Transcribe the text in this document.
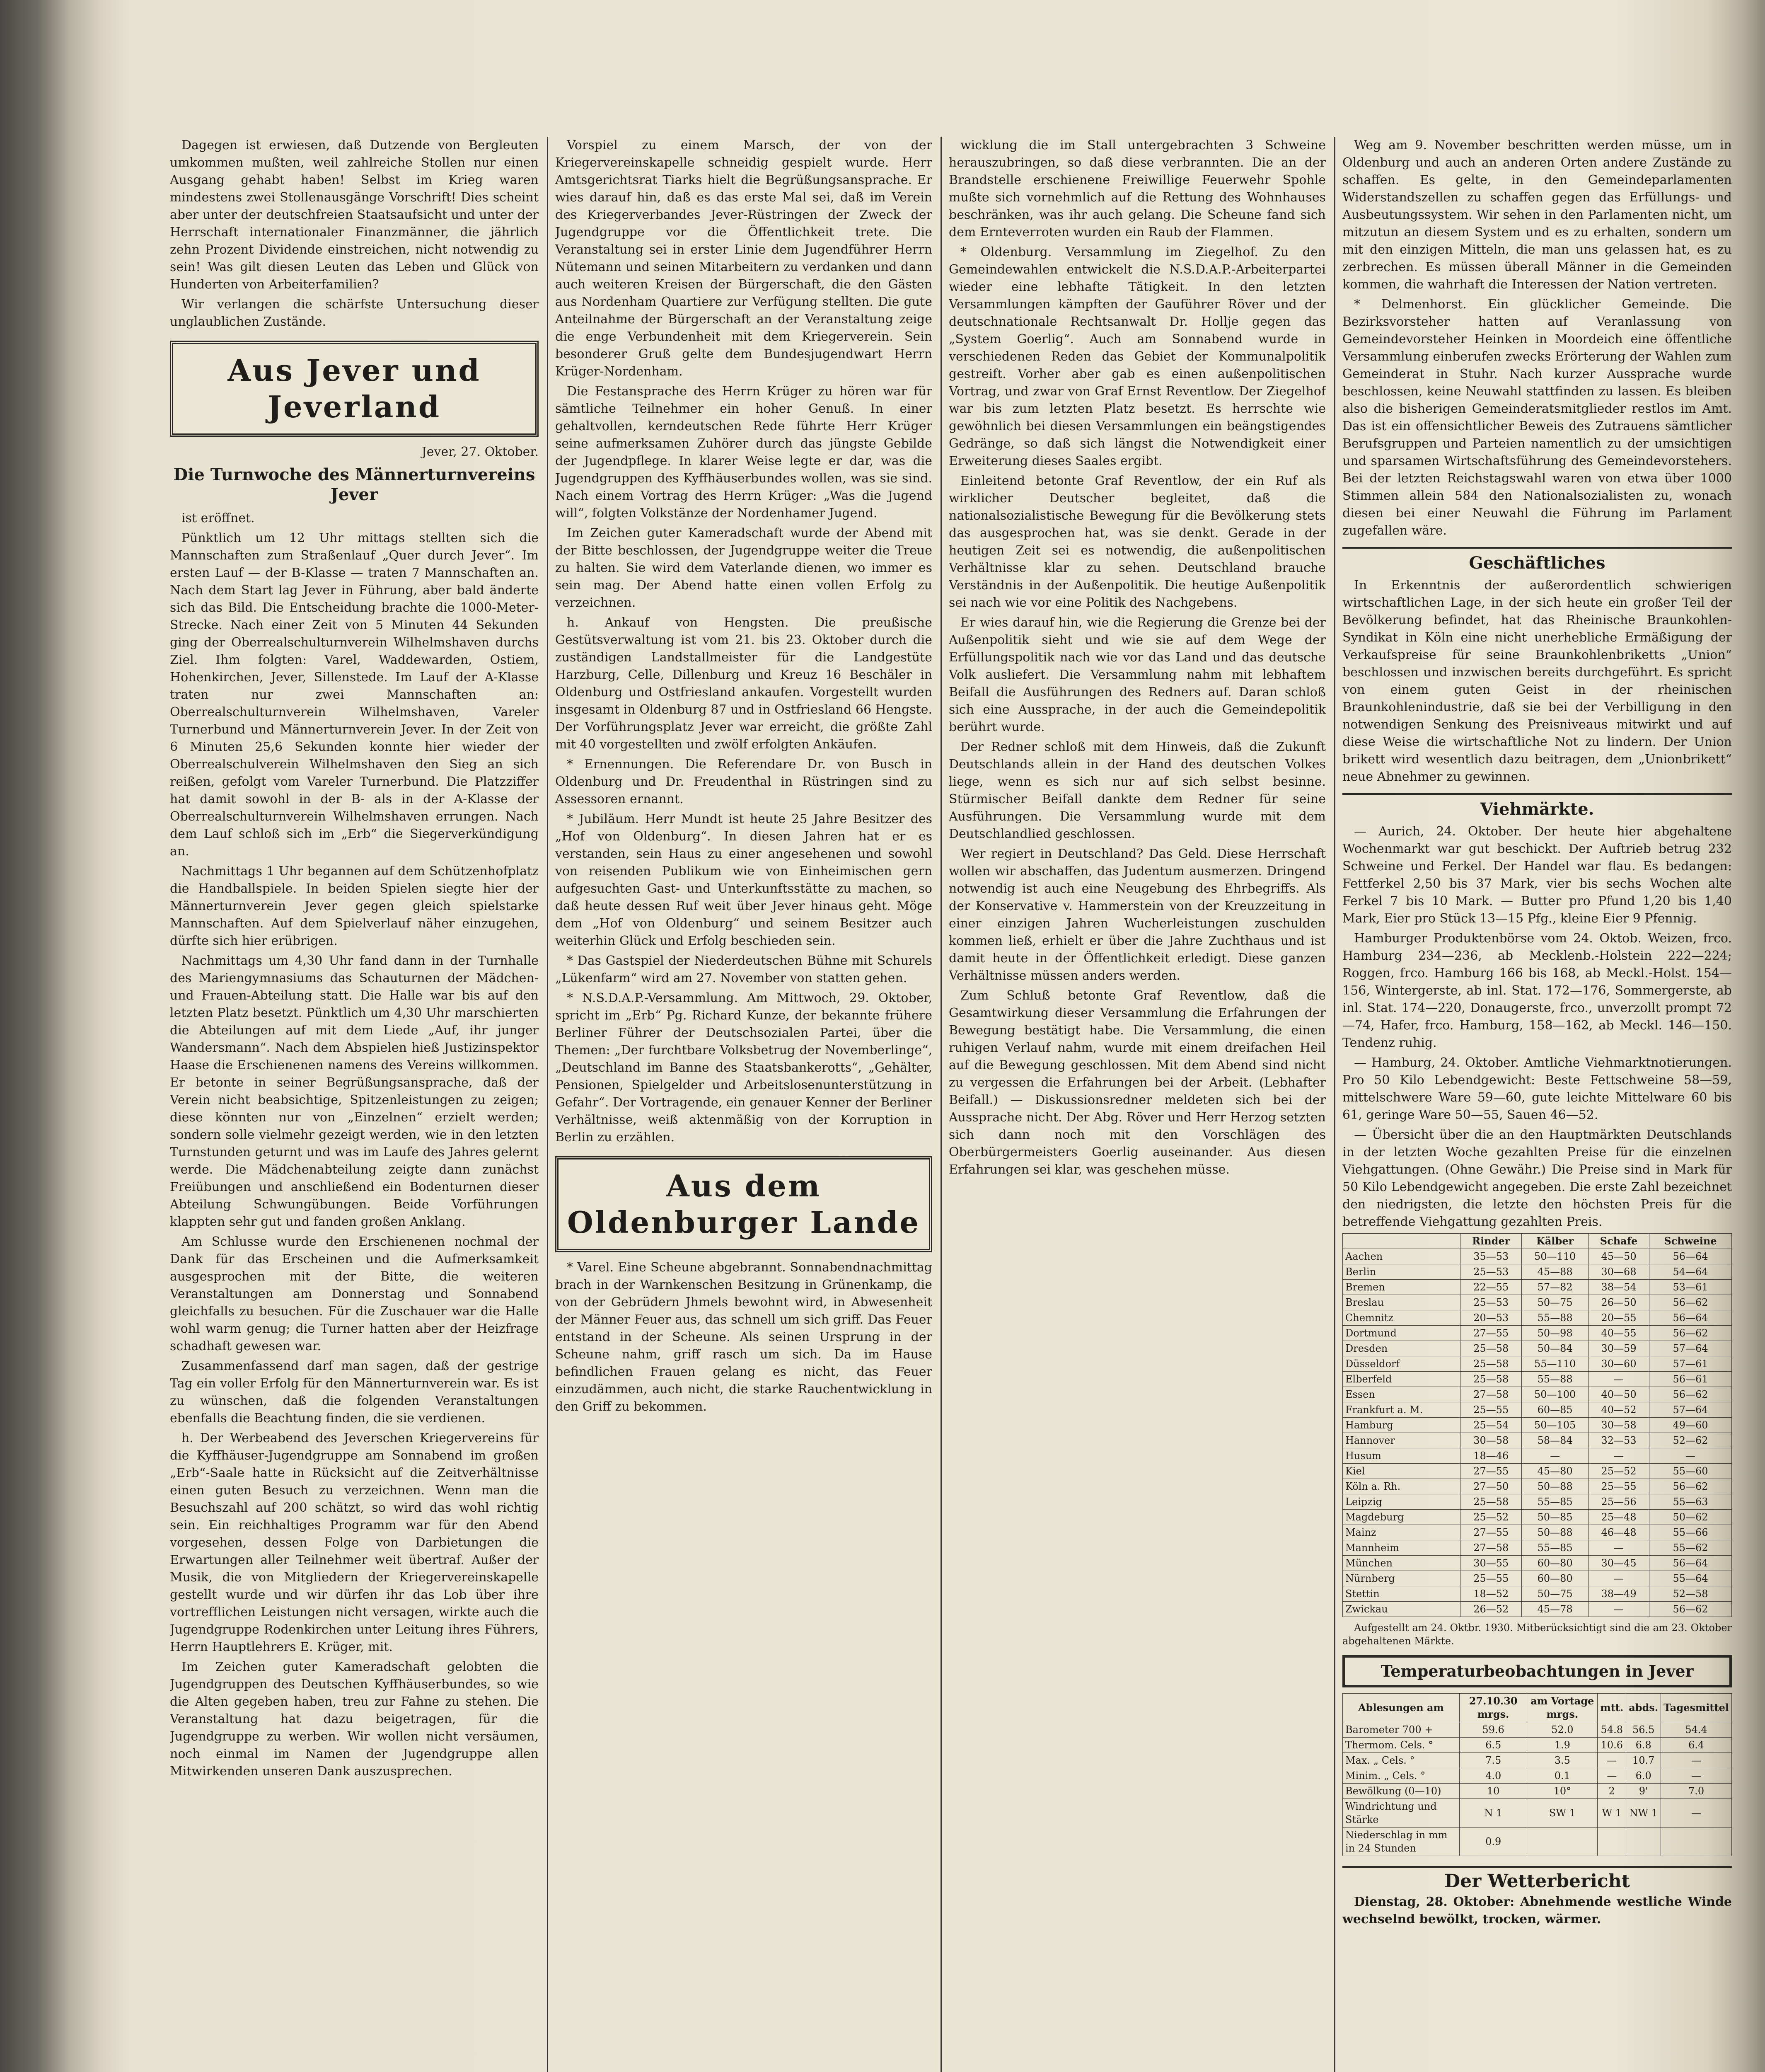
Dagegen ist erwiesen, daß Dutzende von Bergleuten umkommen mußten, weil zahlreiche Stollen nur einen Ausgang gehabt haben! Selbst im Krieg waren mindestens zwei Stollenausgänge Vorschrift! Dies scheint aber unter der deutschfreien Staatsaufsicht und unter der Herrschaft internationaler Finanzmänner, die jährlich zehn Prozent Dividende einstreichen, nicht notwendig zu sein! Was gilt diesen Leuten das Leben und Glück von Hunderten von Arbeiterfamilien?

Wir verlangen die schärfste Untersuchung dieser unglaublichen Zustände.

Aus Jever und Jeverland
Jever, 27. Oktober.
Die Turnwoche des Männerturnvereins Jever

ist eröffnet.

Pünktlich um 12 Uhr mittags stellten sich die Mannschaften zum Straßenlauf „Quer durch Jever“. Im ersten Lauf — der B-Klasse — traten 7 Mannschaften an. Nach dem Start lag Jever in Führung, aber bald änderte sich das Bild. Die Entscheidung brachte die 1000-Meter-Strecke. Nach einer Zeit von 5 Minuten 44 Sekunden ging der Oberrealschulturnverein Wilhelmshaven durchs Ziel. Ihm folgten: Varel, Waddewarden, Ostiem, Hohenkirchen, Jever, Sillenstede. Im Lauf der A-Klasse traten nur zwei Mannschaften an: Oberrealschulturnverein Wilhelmshaven, Vareler Turnerbund und Männerturnverein Jever. In der Zeit von 6 Minuten 25,6 Sekunden konnte hier wieder der Oberrealschulverein Wilhelmshaven den Sieg an sich reißen, gefolgt vom Vareler Turnerbund. Die Platzziffer hat damit sowohl in der B- als in der A-Klasse der Oberrealschulturnverein Wilhelmshaven errungen. Nach dem Lauf schloß sich im „Erb“ die Siegerverkündigung an.

Nachmittags 1 Uhr begannen auf dem Schützenhofplatz die Handballspiele. In beiden Spielen siegte hier der Männerturnverein Jever gegen gleich spielstarke Mannschaften. Auf dem Spielverlauf näher einzugehen, dürfte sich hier erübrigen.

Nachmittags um 4,30 Uhr fand dann in der Turnhalle des Mariengymnasiums das Schauturnen der Mädchen- und Frauen-Abteilung statt. Die Halle war bis auf den letzten Platz besetzt. Pünktlich um 4,30 Uhr marschierten die Abteilungen auf mit dem Liede „Auf, ihr junger Wandersmann“. Nach dem Abspielen hieß Justizinspektor Haase die Erschienenen namens des Vereins willkommen. Er betonte in seiner Begrüßungsansprache, daß der Verein nicht beabsichtige, Spitzenleistungen zu zeigen; diese könnten nur von „Einzelnen“ erzielt werden; sondern solle vielmehr gezeigt werden, wie in den letzten Turnstunden geturnt und was im Laufe des Jahres gelernt werde. Die Mädchenabteilung zeigte dann zunächst Freiübungen und anschließend ein Bodenturnen dieser Abteilung Schwungübungen. Beide Vorführungen klappten sehr gut und fanden großen Anklang.

Am Schlusse wurde den Erschienenen nochmal der Dank für das Erscheinen und die Aufmerksamkeit ausgesprochen mit der Bitte, die weiteren Veranstaltungen am Donnerstag und Sonnabend gleichfalls zu besuchen. Für die Zuschauer war die Halle wohl warm genug; die Turner hatten aber der Heizfrage schadhaft gewesen war.

Zusammenfassend darf man sagen, daß der gestrige Tag ein voller Erfolg für den Männerturnverein war. Es ist zu wünschen, daß die folgenden Veranstaltungen ebenfalls die Beachtung finden, die sie verdienen.

h. Der Werbeabend des Jeverschen Kriegervereins für die Kyffhäuser-Jugendgruppe am Sonnabend im großen „Erb“-Saale hatte in Rücksicht auf die Zeitverhältnisse einen guten Besuch zu verzeichnen. Wenn man die Besuchszahl auf 200 schätzt, so wird das wohl richtig sein. Ein reichhaltiges Programm war für den Abend vorgesehen, dessen Folge von Darbietungen die Erwartungen aller Teilnehmer weit übertraf. Außer der Musik, die von Mitgliedern der Kriegervereinskapelle gestellt wurde und wir dürfen ihr das Lob über ihre vortrefflichen Leistungen nicht versagen, wirkte auch die Jugendgruppe Rodenkirchen unter Leitung ihres Führers, Herrn Hauptlehrers E. Krüger, mit.

Im Zeichen guter Kameradschaft gelobten die Jugendgruppen des Deutschen Kyffhäuserbundes, so wie die Alten gegeben haben, treu zur Fahne zu stehen. Die Veranstaltung hat dazu beigetragen, für die Jugendgruppe zu werben. Wir wollen nicht versäumen, noch einmal im Namen der Jugendgruppe allen Mitwirkenden unseren Dank auszusprechen.

Vorspiel zu einem Marsch, der von der Kriegervereinskapelle schneidig gespielt wurde. Herr Amtsgerichtsrat Tiarks hielt die Begrüßungsansprache. Er wies darauf hin, daß es das erste Mal sei, daß im Verein des Kriegerverbandes Jever-Rüstringen der Zweck der Jugendgruppe vor die Öffentlichkeit trete. Die Veranstaltung sei in erster Linie dem Jugendführer Herrn Nütemann und seinen Mitarbeitern zu verdanken und dann auch weiteren Kreisen der Bürgerschaft, die den Gästen aus Nordenham Quartiere zur Verfügung stellten. Die gute Anteilnahme der Bürgerschaft an der Veranstaltung zeige die enge Verbundenheit mit dem Kriegerverein. Sein besonderer Gruß gelte dem Bundesjugendwart Herrn Krüger-Nordenham.

Die Festansprache des Herrn Krüger zu hören war für sämtliche Teilnehmer ein hoher Genuß. In einer gehaltvollen, kerndeutschen Rede führte Herr Krüger seine aufmerksamen Zuhörer durch das jüngste Gebilde der Jugendpflege. In klarer Weise legte er dar, was die Jugendgruppen des Kyffhäuserbundes wollen, was sie sind. Nach einem Vortrag des Herrn Krüger: „Was die Jugend will“, folgten Volkstänze der Nordenhamer Jugend.

Im Zeichen guter Kameradschaft wurde der Abend mit der Bitte beschlossen, der Jugendgruppe weiter die Treue zu halten. Sie wird dem Vaterlande dienen, wo immer es sein mag. Der Abend hatte einen vollen Erfolg zu verzeichnen.

h. Ankauf von Hengsten. Die preußische Gestütsverwaltung ist vom 21. bis 23. Oktober durch die zuständigen Landstallmeister für die Landgestüte Harzburg, Celle, Dillenburg und Kreuz 16 Beschäler in Oldenburg und Ostfriesland ankaufen. Vorgestellt wurden insgesamt in Oldenburg 87 und in Ostfriesland 66 Hengste. Der Vorführungsplatz Jever war erreicht, die größte Zahl mit 40 vorgestellten und zwölf erfolgten Ankäufen.

* Ernennungen. Die Referendare Dr. von Busch in Oldenburg und Dr. Freudenthal in Rüstringen sind zu Assessoren ernannt.

* Jubiläum. Herr Mundt ist heute 25 Jahre Besitzer des „Hof von Oldenburg“. In diesen Jahren hat er es verstanden, sein Haus zu einer angesehenen und sowohl von reisenden Publikum wie von Einheimischen gern aufgesuchten Gast- und Unterkunftsstätte zu machen, so daß heute dessen Ruf weit über Jever hinaus geht. Möge dem „Hof von Oldenburg“ und seinem Besitzer auch weiterhin Glück und Erfolg beschieden sein.

* Das Gastspiel der Niederdeutschen Bühne mit Schurels „Lükenfarm“ wird am 27. November von statten gehen.

* N.S.D.A.P.-Versammlung. Am Mittwoch, 29. Oktober, spricht im „Erb“ Pg. Richard Kunze, der bekannte frühere Berliner Führer der Deutschsozialen Partei, über die Themen: „Der furchtbare Volksbetrug der Novemberlinge“, „Deutschland im Banne des Staatsbankerotts“, „Gehälter, Pensionen, Spielgelder und Arbeitslosenunterstützung in Gefahr“. Der Vortragende, ein genauer Kenner der Berliner Verhältnisse, weiß aktenmäßig von der Korruption in Berlin zu erzählen.

Aus dem Oldenburger Lande

* Varel. Eine Scheune abgebrannt. Sonnabendnachmittag brach in der Warnkenschen Besitzung in Grünenkamp, die von der Gebrüdern Jhmels bewohnt wird, in Abwesenheit der Männer Feuer aus, das schnell um sich griff. Das Feuer entstand in der Scheune. Als seinen Ursprung in der Scheune nahm, griff rasch um sich. Da im Hause befindlichen Frauen gelang es nicht, das Feuer einzudämmen, auch nicht, die starke Rauchentwicklung in den Griff zu bekommen.

wicklung die im Stall untergebrachten 3 Schweine herauszubringen, so daß diese verbrannten. Die an der Brandstelle erschienene Freiwillige Feuerwehr Spohle mußte sich vornehmlich auf die Rettung des Wohnhauses beschränken, was ihr auch gelang. Die Scheune fand sich dem Ernteverroten wurden ein Raub der Flammen.

* Oldenburg. Versammlung im Ziegelhof. Zu den Gemeindewahlen entwickelt die N.S.D.A.P.-Arbeiterpartei wieder eine lebhafte Tätigkeit. In den letzten Versammlungen kämpften der Gauführer Röver und der deutschnationale Rechtsanwalt Dr. Hollje gegen das „System Goerlig“. Auch am Sonnabend wurde in verschiedenen Reden das Gebiet der Kommunalpolitik gestreift. Vorher aber gab es einen außenpolitischen Vortrag, und zwar von Graf Ernst Reventlow. Der Ziegelhof war bis zum letzten Platz besetzt. Es herrschte wie gewöhnlich bei diesen Versammlungen ein beängstigendes Gedränge, so daß sich längst die Notwendigkeit einer Erweiterung dieses Saales ergibt.

Einleitend betonte Graf Reventlow, der ein Ruf als wirklicher Deutscher begleitet, daß die nationalsozialistische Bewegung für die Bevölkerung stets das ausgesprochen hat, was sie denkt. Gerade in der heutigen Zeit sei es notwendig, die außenpolitischen Verhältnisse klar zu sehen. Deutschland brauche Verständnis in der Außenpolitik. Die heutige Außenpolitik sei nach wie vor eine Politik des Nachgebens.

Er wies darauf hin, wie die Regierung die Grenze bei der Außenpolitik sieht und wie sie auf dem Wege der Erfüllungspolitik nach wie vor das Land und das deutsche Volk ausliefert. Die Versammlung nahm mit lebhaftem Beifall die Ausführungen des Redners auf. Daran schloß sich eine Aussprache, in der auch die Gemeindepolitik berührt wurde.

Der Redner schloß mit dem Hinweis, daß die Zukunft Deutschlands allein in der Hand des deutschen Volkes liege, wenn es sich nur auf sich selbst besinne. Stürmischer Beifall dankte dem Redner für seine Ausführungen. Die Versammlung wurde mit dem Deutschlandlied geschlossen.

Wer regiert in Deutschland? Das Geld. Diese Herrschaft wollen wir abschaffen, das Judentum ausmerzen. Dringend notwendig ist auch eine Neugebung des Ehrbegriffs. Als der Konservative v. Hammerstein von der Kreuzzeitung in einer einzigen Jahren Wucherleistungen zuschulden kommen ließ, erhielt er über die Jahre Zuchthaus und ist damit heute in der Öffentlichkeit erledigt. Diese ganzen Verhältnisse müssen anders werden.

Zum Schluß betonte Graf Reventlow, daß die Gesamtwirkung dieser Versammlung die Erfahrungen der Bewegung bestätigt habe. Die Versammlung, die einen ruhigen Verlauf nahm, wurde mit einem dreifachen Heil auf die Bewegung geschlossen. Mit dem Abend sind nicht zu vergessen die Erfahrungen bei der Arbeit. (Lebhafter Beifall.) — Diskussionsredner meldeten sich bei der Aussprache nicht. Der Abg. Röver und Herr Herzog setzten sich dann noch mit den Vorschlägen des Oberbürgermeisters Goerlig auseinander. Aus diesen Erfahrungen sei klar, was geschehen müsse.

Weg am 9. November beschritten werden müsse, um in Oldenburg und auch an anderen Orten andere Zustände zu schaffen. Es gelte, in den Gemeindeparlamenten Widerstandszellen zu schaffen gegen das Erfüllungs- und Ausbeutungssystem. Wir sehen in den Parlamenten nicht, um mitzutun an diesem System und es zu erhalten, sondern um mit den einzigen Mitteln, die man uns gelassen hat, es zu zerbrechen. Es müssen überall Männer in die Gemeinden kommen, die wahrhaft die Interessen der Nation vertreten.

* Delmenhorst. Ein glücklicher Gemeinde. Die Bezirksvorsteher hatten auf Veranlassung von Gemeindevorsteher Heinken in Moordeich eine öffentliche Versammlung einberufen zwecks Erörterung der Wahlen zum Gemeinderat in Stuhr. Nach kurzer Aussprache wurde beschlossen, keine Neuwahl stattfinden zu lassen. Es bleiben also die bisherigen Gemeinderatsmitglieder restlos im Amt. Das ist ein offensichtlicher Beweis des Zutrauens sämtlicher Berufsgruppen und Parteien namentlich zu der umsichtigen und sparsamen Wirtschaftsführung des Gemeindevorstehers. Bei der letzten Reichstagswahl waren von etwa über 1000 Stimmen allein 584 den Nationalsozialisten zu, wonach diesen bei einer Neuwahl die Führung im Parlament zugefallen wäre.

Geschäftliches

In Erkenntnis der außerordentlich schwierigen wirtschaftlichen Lage, in der sich heute ein großer Teil der Bevölkerung befindet, hat das Rheinische Braunkohlen-Syndikat in Köln eine nicht unerhebliche Ermäßigung der Verkaufspreise für seine Braunkohlenbriketts „Union“ beschlossen und inzwischen bereits durchgeführt. Es spricht von einem guten Geist in der rheinischen Braunkohlenindustrie, daß sie bei der Verbilligung in den notwendigen Senkung des Preisniveaus mitwirkt und auf diese Weise die wirtschaftliche Not zu lindern. Der Union brikett wird wesentlich dazu beitragen, dem „Unionbrikett“ neue Abnehmer zu gewinnen.

Viehmärkte.

— Aurich, 24. Oktober. Der heute hier abgehaltene Wochenmarkt war gut beschickt. Der Auftrieb betrug 232 Schweine und Ferkel. Der Handel war flau. Es bedangen: Fettferkel 2,50 bis 37 Mark, vier bis sechs Wochen alte Ferkel 7 bis 10 Mark. — Butter pro Pfund 1,20 bis 1,40 Mark, Eier pro Stück 13—15 Pfg., kleine Eier 9 Pfennig.

Hamburger Produktenbörse vom 24. Oktob. Weizen, frco. Hamburg 234—236, ab Mecklenb.-Holstein 222—224; Roggen, frco. Hamburg 166 bis 168, ab Meckl.-Holst. 154—156, Wintergerste, ab inl. Stat. 172—176, Sommergerste, ab inl. Stat. 174—220, Donaugerste, frco., unverzollt prompt 72—74, Hafer, frco. Hamburg, 158—162, ab Meckl. 146—150. Tendenz ruhig.

— Hamburg, 24. Oktober. Amtliche Viehmarktnotierungen. Pro 50 Kilo Lebendgewicht: Beste Fettschweine 58—59, mittelschwere Ware 59—60, gute leichte Mittelware 60 bis 61, geringe Ware 50—55, Sauen 46—52.

— Übersicht über die an den Hauptmärkten Deutschlands in der letzten Woche gezahlten Preise für die einzelnen Viehgattungen. (Ohne Gewähr.) Die Preise sind in Mark für 50 Kilo Lebendgewicht angegeben. Die erste Zahl bezeichnet den niedrigsten, die letzte den höchsten Preis für die betreffende Viehgattung gezahlten Preis.

	Rinder	Kälber	Schafe	Schweine
Aachen	35—53	50—110	45—50	56—64
Berlin	25—53	45—88	30—68	54—64
Bremen	22—55	57—82	38—54	53—61
Breslau	25—53	50—75	26—50	56—62
Chemnitz	20—53	55—88	20—55	56—64
Dortmund	27—55	50—98	40—55	56—62
Dresden	25—58	50—84	30—59	57—64
Düsseldorf	25—58	55—110	30—60	57—61
Elberfeld	25—58	55—88	—	56—61
Essen	27—58	50—100	40—50	56—62
Frankfurt a. M.	25—55	60—85	40—52	57—64
Hamburg	25—54	50—105	30—58	49—60
Hannover	30—58	58—84	32—53	52—62
Husum	18—46	—	—	—
Kiel	27—55	45—80	25—52	55—60
Köln a. Rh.	27—50	50—88	25—55	56—62
Leipzig	25—58	55—85	25—56	55—63
Magdeburg	25—52	50—85	25—48	50—62
Mainz	27—55	50—88	46—48	55—66
Mannheim	27—58	55—85	—	55—62
München	30—55	60—80	30—45	56—64
Nürnberg	25—55	60—80	—	55—64
Stettin	18—52	50—75	38—49	52—58
Zwickau	26—52	45—78	—	56—62

Aufgestellt am 24. Oktbr. 1930. Mitberücksichtigt sind die am 23. Oktober abgehaltenen Märkte.

Temperaturbeobachtungen in Jever
Ablesungen am	27.10.30 mrgs.	am Vortage mrgs.	mtt.	abds.	Tagesmittel
Barometer 700 +	59.6	52.0	54.8	56.5	54.4
Thermom. Cels. °	6.5	1.9	10.6	6.8	6.4
Max. „ Cels. °	7.5	3.5	—	10.7	—
Minim. „ Cels. °	4.0	0.1	—	6.0	—
Bewölkung (0—10)	10	10°	2	9'	7.0
Windrichtung und Stärke	N 1	SW 1	W 1	NW 1	—
Niederschlag in mm in 24 Stunden	0.9				
Der Wetterbericht

Dienstag, 28. Oktober: Abnehmende westliche Winde wechselnd bewölkt, trocken, wärmer.
